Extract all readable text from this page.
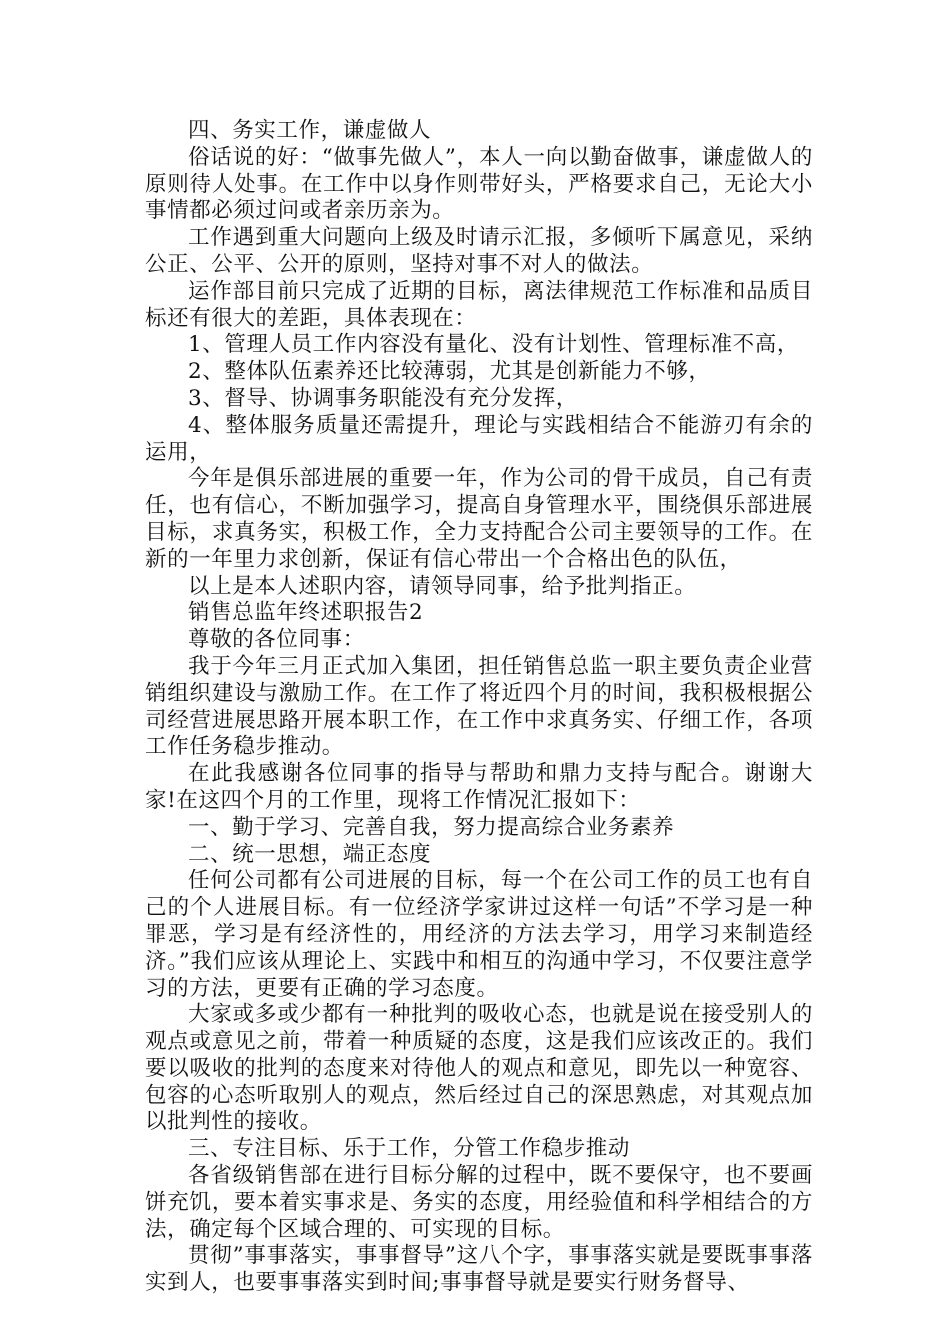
四、务实工作，谦虚做人

俗话说的好：“做事先做人”，本人一向以勤奋做事，谦虚做人的原则待人处事。在工作中以身作则带好头，严格要求自己，无论大小事情都必须过问或者亲历亲为。

工作遇到重大问题向上级及时请示汇报，多倾听下属意见，采纳公正、公平、公开的原则，坚持对事不对人的做法。

运作部目前只完成了近期的目标，离法律规范工作标准和品质目标还有很大的差距，具体表现在：

1、管理人员工作内容没有量化、没有计划性、管理标准不高，

2、整体队伍素养还比较薄弱，尤其是创新能力不够，

3、督导、协调事务职能没有充分发挥，

4、整体服务质量还需提升，理论与实践相结合不能游刃有余的运用，

今年是俱乐部进展的重要一年，作为公司的骨干成员，自己有责任，也有信心，不断加强学习，提高自身管理水平，围绕俱乐部进展目标，求真务实，积极工作，全力支持配合公司主要领导的工作。在新的一年里力求创新，保证有信心带出一个合格出色的队伍，

以上是本人述职内容，请领导同事，给予批判指正。

销售总监年终述职报告2

尊敬的各位同事：

我于今年三月正式加入集团，担任销售总监一职主要负责企业营销组织建设与激励工作。在工作了将近四个月的时间，我积极根据公司经营进展思路开展本职工作，在工作中求真务实、仔细工作，各项工作任务稳步推动。

在此我感谢各位同事的指导与帮助和鼎力支持与配合。谢谢大家!在这四个月的工作里，现将工作情况汇报如下：

一、勤于学习、完善自我，努力提高综合业务素养

二、统一思想，端正态度

任何公司都有公司进展的目标，每一个在公司工作的员工也有自己的个人进展目标。有一位经济学家讲过这样一句话”不学习是一种罪恶，学习是有经济性的，用经济的方法去学习，用学习来制造经济。”我们应该从理论上、实践中和相互的沟通中学习，不仅要注意学习的方法，更要有正确的学习态度。

大家或多或少都有一种批判的吸收心态，也就是说在接受别人的观点或意见之前，带着一种质疑的态度，这是我们应该改正的。我们要以吸收的批判的态度来对待他人的观点和意见，即先以一种宽容、包容的心态听取别人的观点，然后经过自己的深思熟虑，对其观点加以批判性的接收。

三、专注目标、乐于工作，分管工作稳步推动

各省级销售部在进行目标分解的过程中，既不要保守，也不要画饼充饥，要本着实事求是、务实的态度，用经验值和科学相结合的方法，确定每个区域合理的、可实现的目标。

贯彻”事事落实，事事督导”这八个字，事事落实就是要既事事落实到人，也要事事落实到时间;事事督导就是要实行财务督导、
